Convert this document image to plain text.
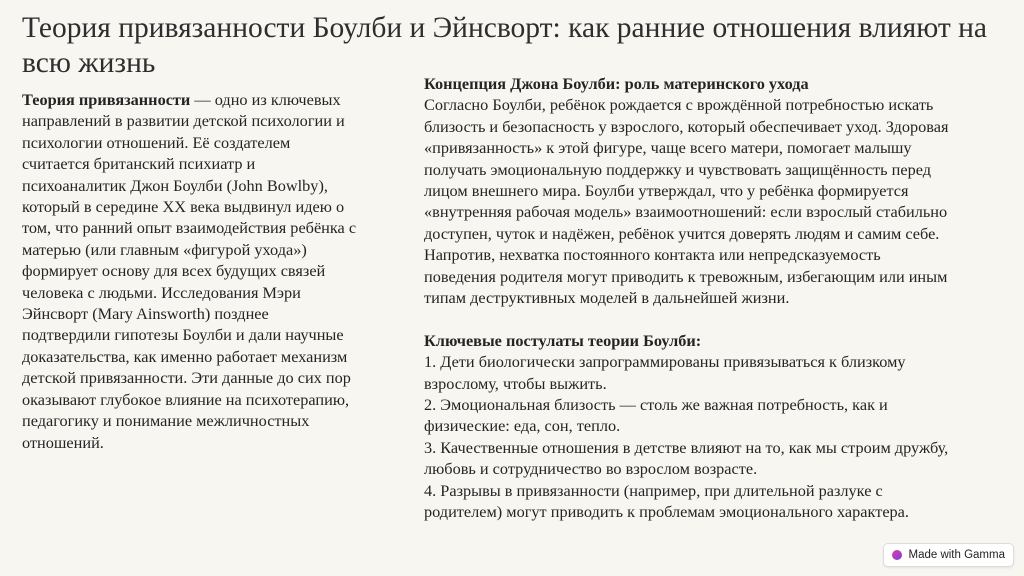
Теория привязанности Боулби и Эйнсворт: как ранние отношения влияют на всю жизнь
Теория привязанности — одно из ключевых
направлений в развитии детской психологии и
психологии отношений. Её создателем
считается британский психиатр и
психоаналитик Джон Боулби (John Bowlby),
который в середине XX века выдвинул идею о
том, что ранний опыт взаимодействия ребёнка с
матерью (или главным «фигурой ухода»)
формирует основу для всех будущих связей
человека с людьми. Исследования Мэри
Эйнсворт (Mary Ainsworth) позднее
подтвердили гипотезы Боулби и дали научные
доказательства, как именно работает механизм
детской привязанности. Эти данные до сих пор
оказывают глубокое влияние на психотерапию,
педагогику и понимание межличностных
отношений.
Концепция Джона Боулби: роль материнского ухода
Согласно Боулби, ребёнок рождается с врождённой потребностью искать
близость и безопасность у взрослого, который обеспечивает уход. Здоровая
«привязанность» к этой фигуре, чаще всего матери, помогает малышу
получать эмоциональную поддержку и чувствовать защищённость перед
лицом внешнего мира. Боулби утверждал, что у ребёнка формируется
«внутренняя рабочая модель» взаимоотношений: если взрослый стабильно
доступен, чуток и надёжен, ребёнок учится доверять людям и самим себе.
Напротив, нехватка постоянного контакта или непредсказуемость
поведения родителя могут приводить к тревожным, избегающим или иным
типам деструктивных моделей в дальнейшей жизни.
Ключевые постулаты теории Боулби:
1. Дети биологически запрограммированы привязываться к близкому
взрослому, чтобы выжить.
2. Эмоциональная близость — столь же важная потребность, как и
физические: еда, сон, тепло.
3. Качественные отношения в детстве влияют на то, как мы строим дружбу,
любовь и сотрудничество во взрослом возрасте.
4. Разрывы в привязанности (например, при длительной разлуке с
родителем) могут приводить к проблемам эмоционального характера.
Made with Gamma
